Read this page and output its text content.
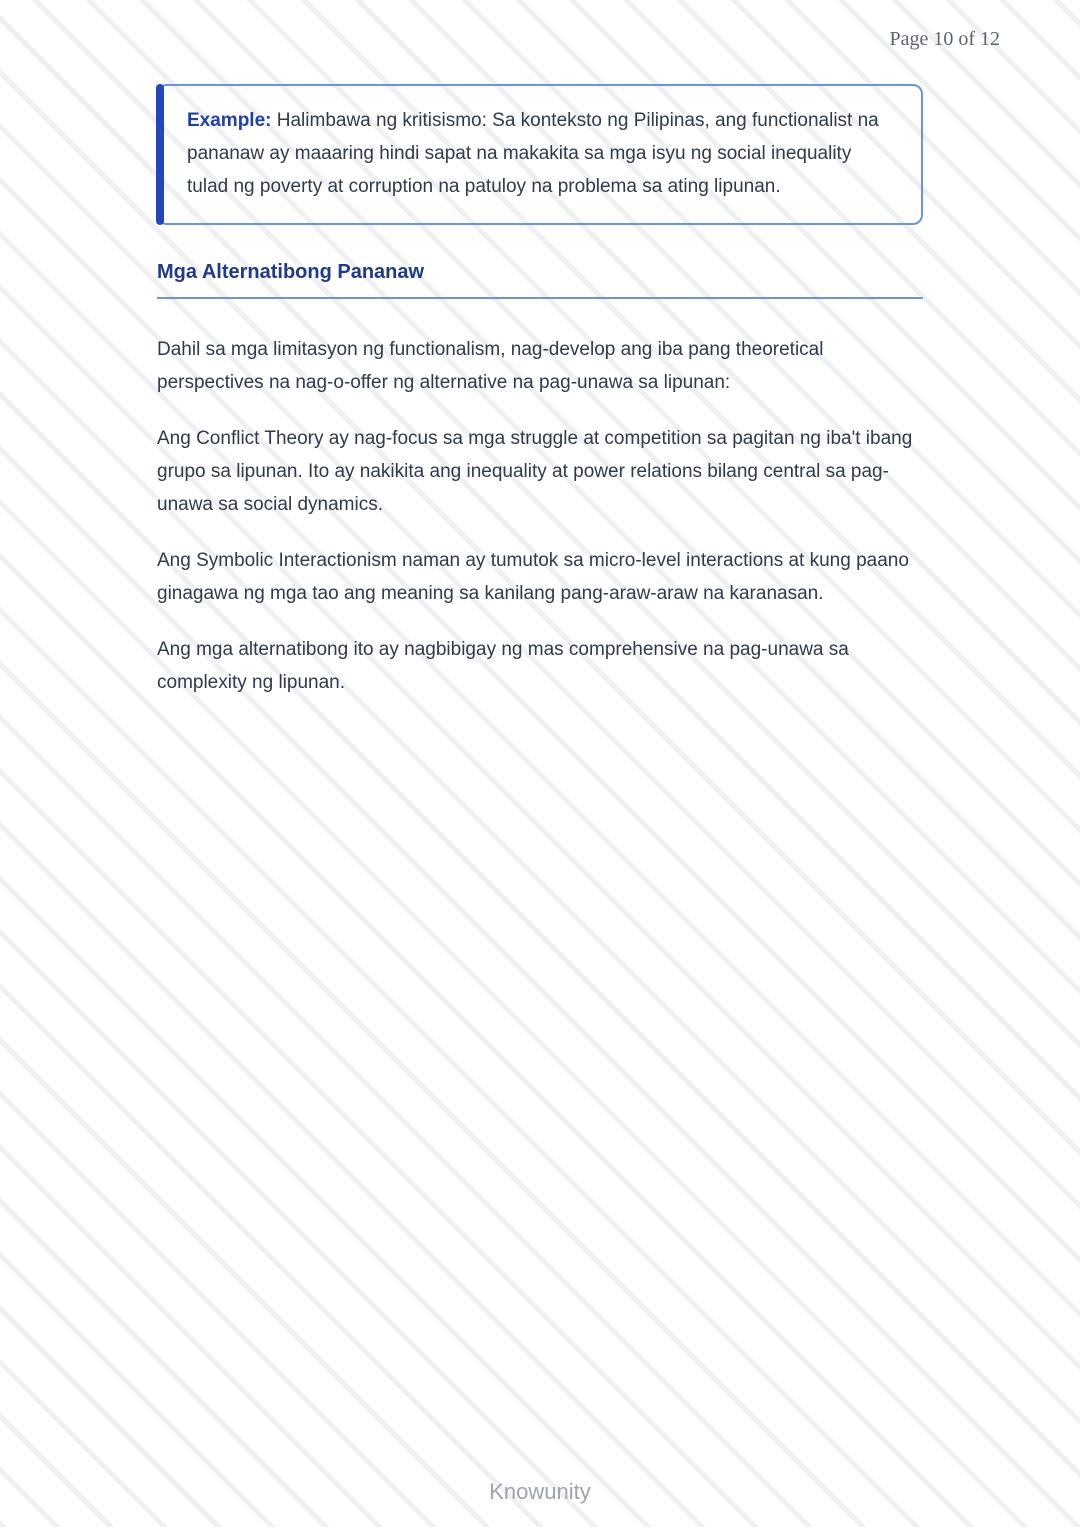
Page 10 of 12

Example: Halimbawa ng kritisismo: Sa konteksto ng Pilipinas, ang functionalist na pananaw ay maaaring hindi sapat na makakita sa mga isyu ng social inequality tulad ng poverty at corruption na patuloy na problema sa ating lipunan.

Mga Alternatibong Pananaw

Dahil sa mga limitasyon ng functionalism, nag-develop ang iba pang theoretical perspectives na nag-o-offer ng alternative na pag-unawa sa lipunan:

Ang Conflict Theory ay nag-focus sa mga struggle at competition sa pagitan ng iba't ibang grupo sa lipunan. Ito ay nakikita ang inequality at power relations bilang central sa pag-unawa sa social dynamics.

Ang Symbolic Interactionism naman ay tumutok sa micro-level interactions at kung paano ginagawa ng mga tao ang meaning sa kanilang pang-araw-araw na karanasan.

Ang mga alternatibong ito ay nagbibigay ng mas comprehensive na pag-unawa sa complexity ng lipunan.

Knowunity
